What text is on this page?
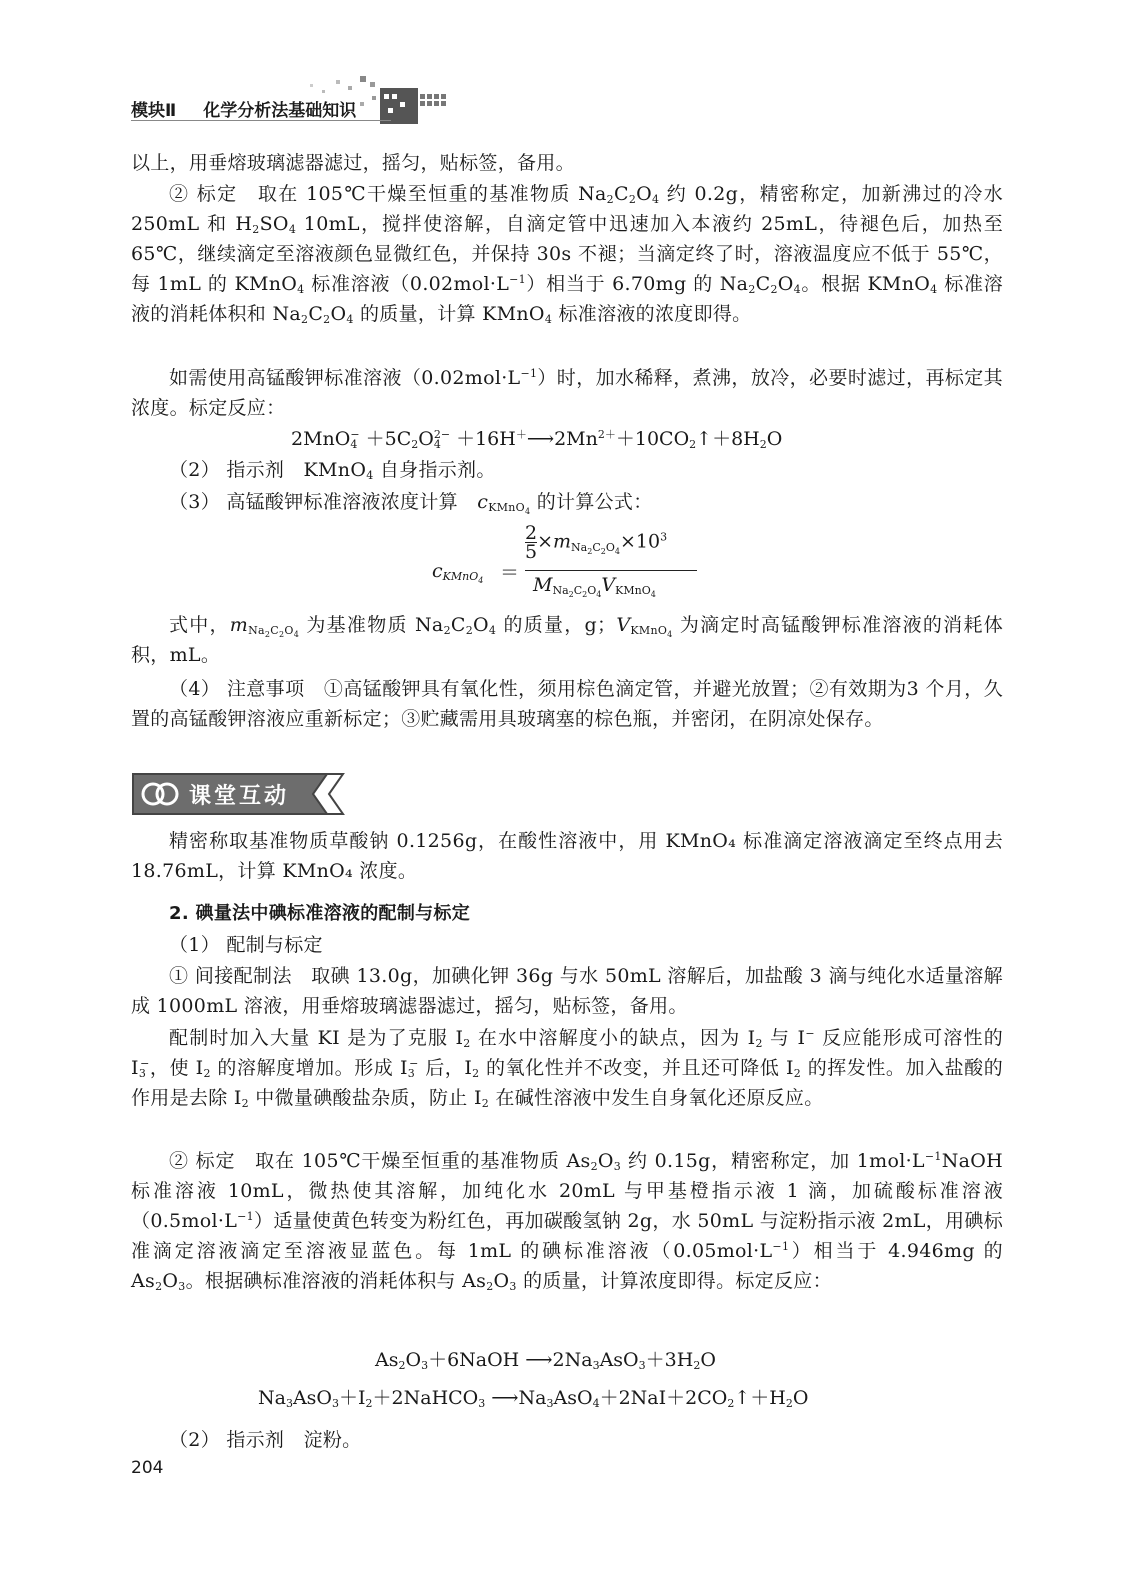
模块Ⅱ 化学分析法基础知识
以上，用垂熔玻璃滤器滤过，摇匀，贴标签，备用。
② 标定　取在 105℃干燥至恒重的基准物质 $Na_2C_2O_4$ 约 0.2g，精密称定，加新沸过的冷水 250mL 和 $H_2SO_4$ 10mL，搅拌使溶解，自滴定管中迅速加入本液约 25mL，待褪色后，加热至 65℃，继续滴定至溶液颜色显微红色，并保持 30s 不褪；当滴定终了时，溶液温度应不低于 55℃，每 1mL 的 KMnO$_4$ 标准溶液$(0.02mol\cdot L^{-1})$相当于 6.70mg 的 $Na_2C_2O_4$。根据 KMnO$_4$ 标准溶液的消耗体积和 $Na_2C_2O_4$ 的质量，计算 KMnO$_4$ 标准溶液的浓度即得。
如需使用高锰酸钾标准溶液$(0.02mol\cdot L^{-1})$时，加水稀释，煮沸，放冷，必要时滤过，再标定其浓度。标定反应：
$2MnO_4^- +5C_2O_4^{2-}$ $+16H^+⟶2Mn^{2+}+10CO_2↑+8H_2O$
（2） 指示剂　KMnO$_4$ 自身指示剂。
（3） 高锰酸钾标准溶液浓度计算　$c_{KMnO_4}$ 的计算公式：
$c_{KMnO_4}$ ＝
2

$5\times m_{Na_2C_2O_4}\times 10^3$
$M_{Na_2C_2O_4}V_{KMnO_4}$
式中，$m_{Na_2C_2O_4}$ 为基准物质 $Na_2C_2O_4$ 的质量，g；$V_{KMnO_4}$ 为滴定时高锰酸钾标准溶液的消耗体积，mL。
（4） 注意事项　①高锰酸钾具有氧化性，须用棕色滴定管，并避光放置；②有效期为3 个月，久置的高锰酸钾溶液应重新标定；③贮藏需用具玻璃塞的棕色瓶，并密闭，在阴凉处保存。
课堂互动
精密称取基准物质草酸钠 0.1256g，在酸性溶液中，用 KMnO₄ 标准滴定溶液滴定至终点用去 18.76mL，计算 KMnO₄ 浓度。
2. 碘量法中碘标准溶液的配制与标定
（1） 配制与标定
① 间接配制法　取碘 13.0g，加碘化钾 36g 与水 50mL 溶解后，加盐酸 3 滴与纯化水适量溶解成 1000mL 溶液，用垂熔玻璃滤器滤过，摇匀，贴标签，备用。
配制时加入大量 KI 是为了克服 $I_2$ 在水中溶解度小的缺点，因为 $I_2$ 与 I− 反应能形成可溶性的 $I_3^-$，使 $I_2$ 的溶解度增加。形成 $I_3^-$ 后，$I_2$ 的氧化性并不改变，并且还可降低 $I_2$ 的挥发性。加入盐酸的作用是去除 $I_2$ 中微量碘酸盐杂质，防止 $I_2$ 在碱性溶液中发生自身氧化还原反应。
② 标定　取在 105℃干燥至恒重的基准物质 $As_2O_3$ 约 0.15g，精密称定，加 $1mol\cdot L^{-1}NaOH$ 标准溶液 10mL，微热使其溶解，加纯化水 20mL 与甲基橙指示液 1 滴，加硫酸标准溶液$(0.5mol\cdot L^{-1})$适量使黄色转变为粉红色，再加碳酸氢钠 2g，水 50mL 与淀粉指示液 2mL，用碘标准滴定溶液滴定至溶液显蓝色。每 1mL 的碘标准溶液$(0.05mol\cdot L^{-1})$相当于 4.946mg 的 $As_2O_3$。根据碘标准溶液的消耗体积与 $As_2O_3$ 的质量，计算浓度即得。标定反应：
$As_2O_3+6NaOH$ $⟶2Na_3AsO_3+3H_2O$
$Na_3AsO_3+I_2+2NaHCO_3$ $⟶Na_3AsO_4+2NaI+2CO_2↑+H_2O$
（2） 指示剂　淀粉。
204
